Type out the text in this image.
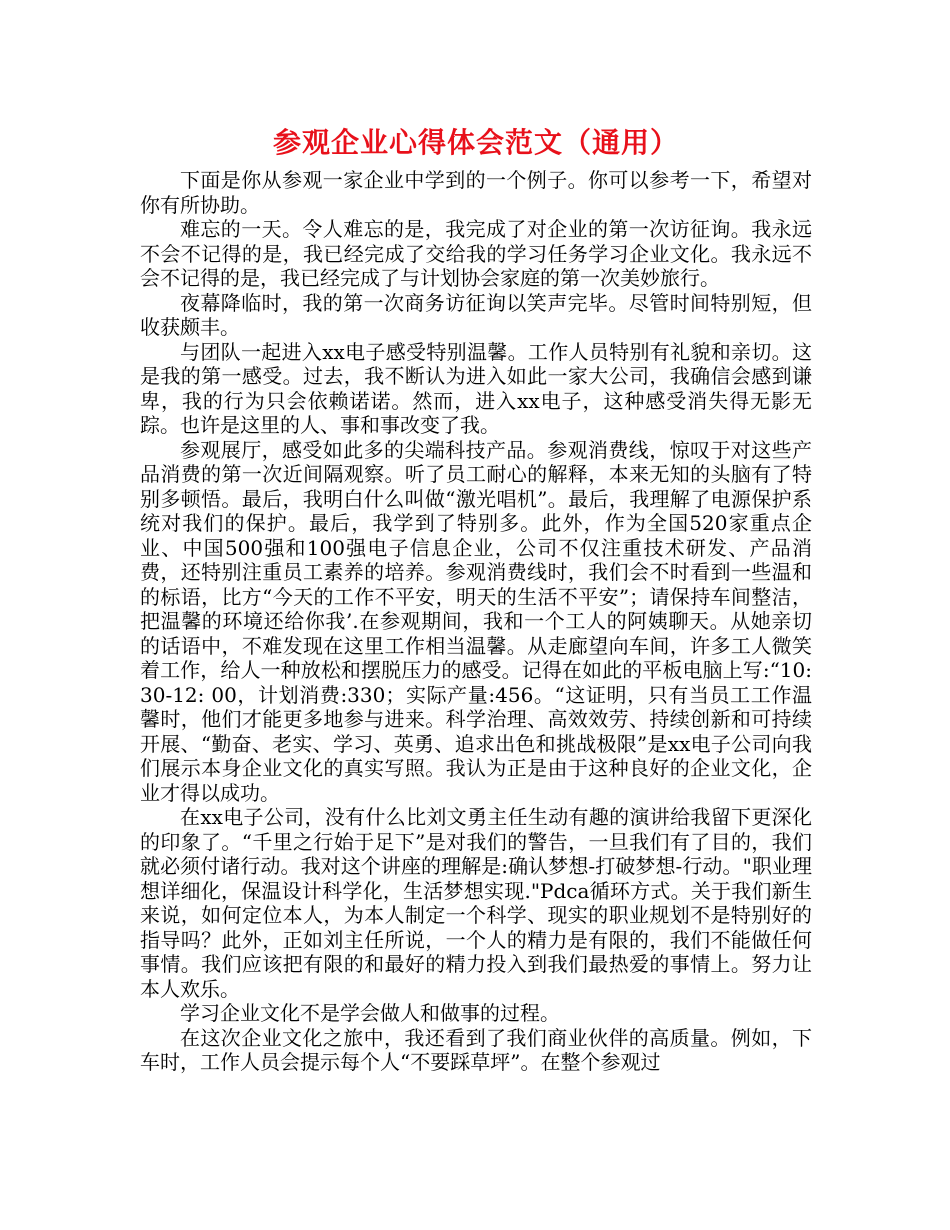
参观企业心得体会范文（通用）

下面是你从参观一家企业中学到的一个例子。你可以参考一下，希望对你有所协助。

难忘的一天。令人难忘的是，我完成了对企业的第一次访征询。我永远不会不记得的是，我已经完成了交给我的学习任务学习企业文化。我永远不会不记得的是，我已经完成了与计划协会家庭的第一次美妙旅行。

夜幕降临时，我的第一次商务访征询以笑声完毕。尽管时间特别短，但收获颇丰。

与团队一起进入xx电子感受特别温馨。工作人员特别有礼貌和亲切。这是我的第一感受。过去，我不断认为进入如此一家大公司，我确信会感到谦卑，我的行为只会依赖诺诺。然而，进入xx电子，这种感受消失得无影无踪。也许是这里的人、事和事改变了我。

参观展厅，感受如此多的尖端科技产品。参观消费线，惊叹于对这些产品消费的第一次近间隔观察。听了员工耐心的解释，本来无知的头脑有了特别多顿悟。最后，我明白什么叫做“激光唱机”。最后，我理解了电源保护系统对我们的保护。最后，我学到了特别多。此外，作为全国520家重点企业、中国500强和100强电子信息企业，公司不仅注重技术研发、产品消费，还特别注重员工素养的培养。参观消费线时，我们会不时看到一些温和的标语，比方“今天的工作不平安，明天的生活不平安”；请保持车间整洁，把温馨的环境还给你我’.在参观期间，我和一个工人的阿姨聊天。从她亲切的话语中，不难发现在这里工作相当温馨。从走廊望向车间，许多工人微笑着工作，给人一种放松和摆脱压力的感受。记得在如此的平板电脑上写:“10: 30-12: 00，计划消费:330；实际产量:456。“这证明，只有当员工工作温馨时，他们才能更多地参与进来。科学治理、高效效劳、持续创新和可持续开展、“勤奋、老实、学习、英勇、追求出色和挑战极限”是xx电子公司向我们展示本身企业文化的真实写照。我认为正是由于这种良好的企业文化，企业才得以成功。

在xx电子公司，没有什么比刘文勇主任生动有趣的演讲给我留下更深化的印象了。“千里之行始于足下”是对我们的警告，一旦我们有了目的，我们就必须付诸行动。我对这个讲座的理解是:确认梦想-打破梦想-行动。"职业理想详细化，保温设计科学化，生活梦想实现."Pdca循环方式。关于我们新生来说，如何定位本人，为本人制定一个科学、现实的职业规划不是特别好的指导吗？此外，正如刘主任所说，一个人的精力是有限的，我们不能做任何事情。我们应该把有限的和最好的精力投入到我们最热爱的事情上。努力让本人欢乐。

学习企业文化不是学会做人和做事的过程。

在这次企业文化之旅中，我还看到了我们商业伙伴的高质量。例如，下车时，工作人员会提示每个人“不要踩草坪”。在整个参观过
